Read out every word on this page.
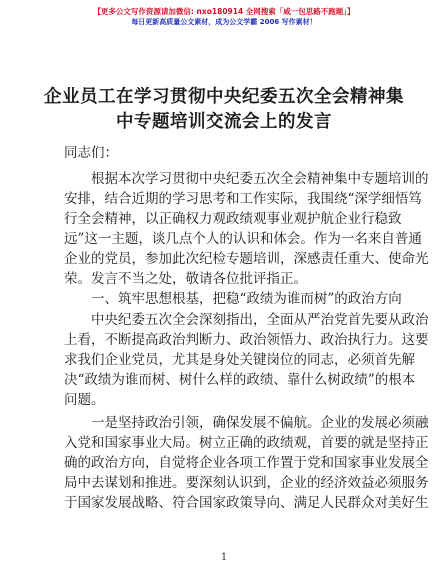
【更多公文写作资源请加微信: nxo180914 全网搜索「咸一包思路不跑题」】
每日更新高质量公文素材，成为公文学霸 2006 写作素材！
企业员工在学习贯彻中央纪委五次全会精神集
中专题培训交流会上的发言
同志们：
　　根据本次学习贯彻中央纪委五次全会精神集中专题培训的
安排，结合近期的学习思考和工作实际，我围绕“深学细悟笃
行全会精神，以正确权力观政绩观事业观护航企业行稳致
远”这一主题，谈几点个人的认识和体会。作为一名来自普通
企业的党员，参加此次纪检专题培训，深感责任重大、使命光
荣。发言不当之处，敬请各位批评指正。
　　一、筑牢思想根基，把稳“政绩为谁而树”的政治方向
　　中央纪委五次全会深刻指出，全面从严治党首先要从政治
上看，不断提高政治判断力、政治领悟力、政治执行力。这要
求我们企业党员，尤其是身处关键岗位的同志，必须首先解
决“政绩为谁而树、树什么样的政绩、靠什么树政绩”的根本
问题。
　　一是坚持政治引领，确保发展不偏航。企业的发展必须融
入党和国家事业大局。树立正确的政绩观，首要的就是坚持正
确的政治方向，自觉将企业各项工作置于党和国家事业发展全
局中去谋划和推进。要深刻认识到，企业的经济效益必须服务
于国家发展战略、符合国家政策导向、满足人民群众对美好生
1
